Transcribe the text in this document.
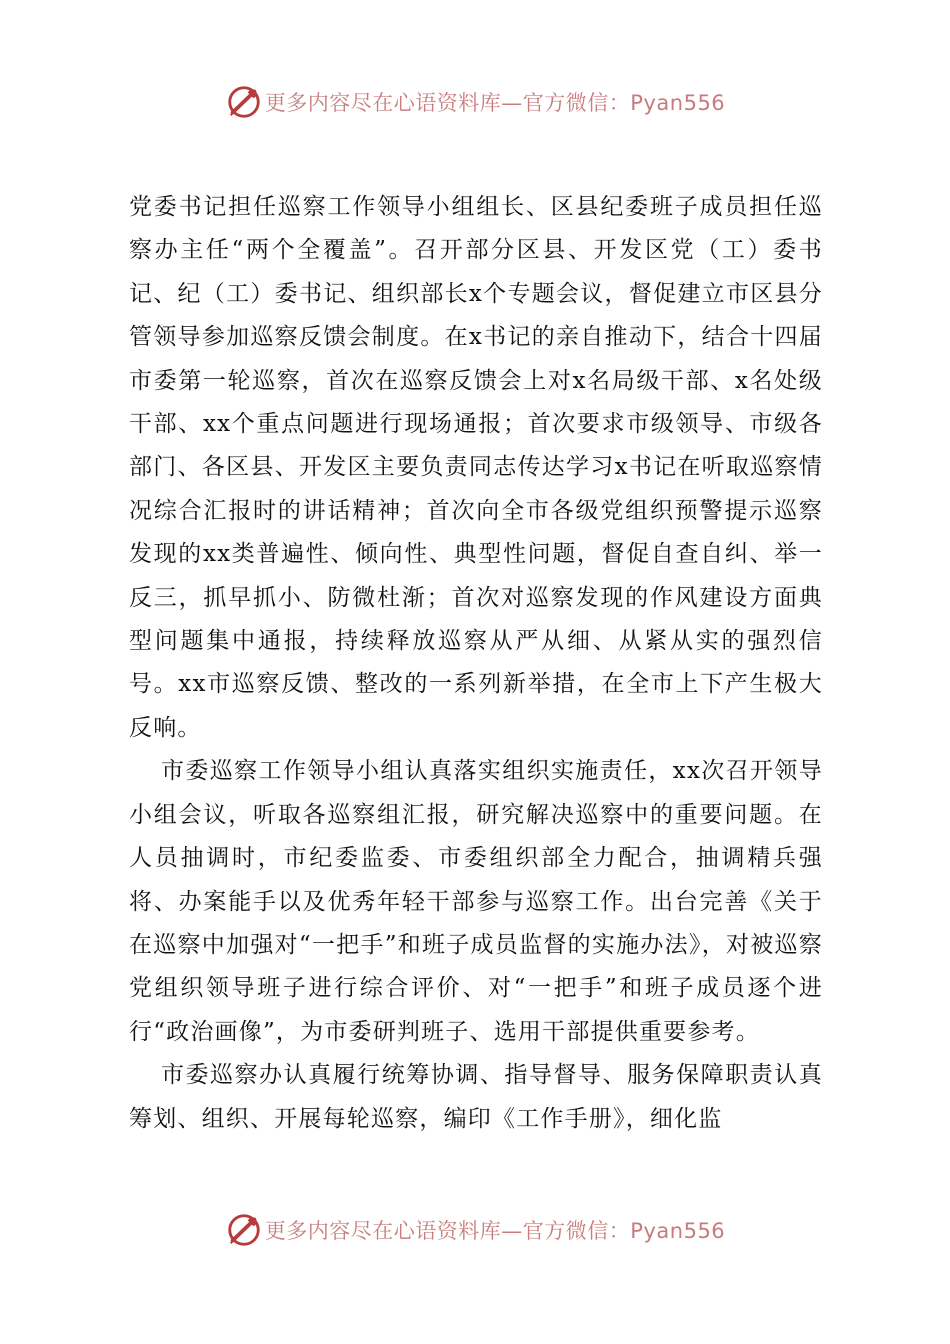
更多内容尽在心语资料库—官方微信：Pyan556

党委书记担任巡察工作领导小组组长、区县纪委班子成员担任巡察办主任“两个全覆盖”。召开部分区县、开发区党（工）委书记、纪（工）委书记、组织部长x个专题会议，督促建立市区县分管领导参加巡察反馈会制度。在x书记的亲自推动下，结合十四届市委第一轮巡察，首次在巡察反馈会上对x名局级干部、x名处级干部、xx个重点问题进行现场通报；首次要求市级领导、市级各部门、各区县、开发区主要负责同志传达学习x书记在听取巡察情况综合汇报时的讲话精神；首次向全市各级党组织预警提示巡察发现的xx类普遍性、倾向性、典型性问题，督促自查自纠、举一反三，抓早抓小、防微杜渐；首次对巡察发现的作风建设方面典型问题集中通报，持续释放巡察从严从细、从紧从实的强烈信号。xx市巡察反馈、整改的一系列新举措，在全市上下产生极大反响。

市委巡察工作领导小组认真落实组织实施责任，xx次召开领导小组会议，听取各巡察组汇报，研究解决巡察中的重要问题。在人员抽调时，市纪委监委、市委组织部全力配合，抽调精兵强将、办案能手以及优秀年轻干部参与巡察工作。出台完善《关于在巡察中加强对“一把手”和班子成员监督的实施办法》，对被巡察党组织领导班子进行综合评价、对“一把手”和班子成员逐个进行“政治画像”，为市委研判班子、选用干部提供重要参考。

市委巡察办认真履行统筹协调、指导督导、服务保障职责认真筹划、组织、开展每轮巡察，编印《工作手册》，细化监

更多内容尽在心语资料库—官方微信：Pyan556
